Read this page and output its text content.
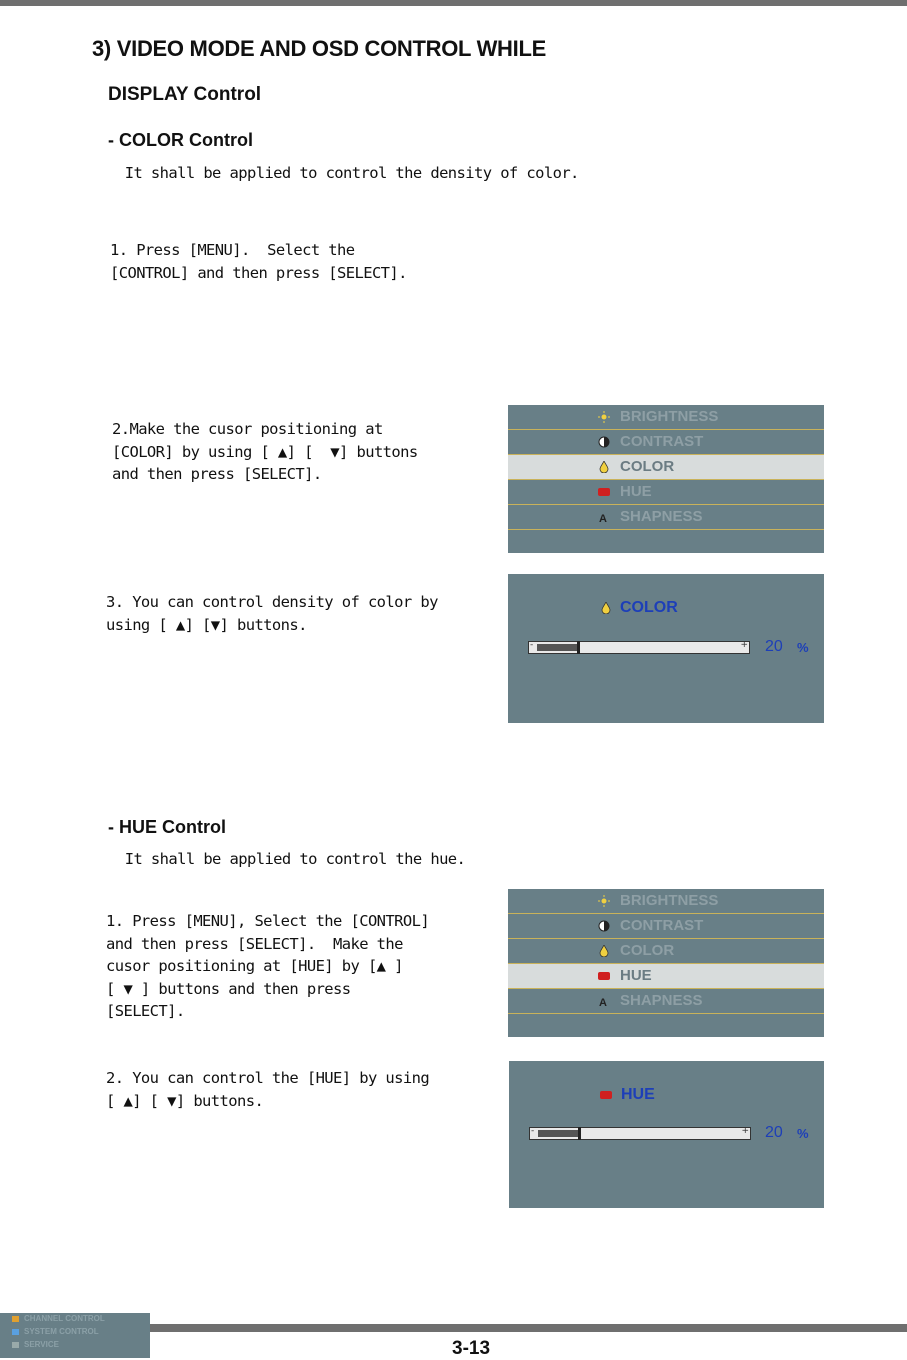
3) VIDEO MODE AND OSD CONTROL WHILE
DISPLAY Control
- COLOR Control
It shall be applied to control the density of color.
1. Press [MENU].  Select the
[CONTROL] and then press [SELECT].
2.Make the cusor positioning at
[COLOR] by using [ ▲] [  ▼] buttons
and then press [SELECT].
3. You can control density of color by
using [ ▲] [▼] buttons.
BRIGHTNESS
CONTRAST
COLOR
HUE
A SHAPNESS
COLOR
-	+ 20 %
- HUE Control
It shall be applied to control the hue.
1. Press [MENU], Select the [CONTROL]
and then press [SELECT].  Make the
cusor positioning at [HUE] by [▲ ]
[ ▼ ] buttons and then press
[SELECT].
2. You can control the [HUE] by using
[ ▲] [ ▼] buttons.
BRIGHTNESS
CONTRAST
COLOR
HUE
A SHAPNESS
HUE
-	+ 20 %
CHANNEL CONTROL
SYSTEM CONTROL
SERVICE	3-13
